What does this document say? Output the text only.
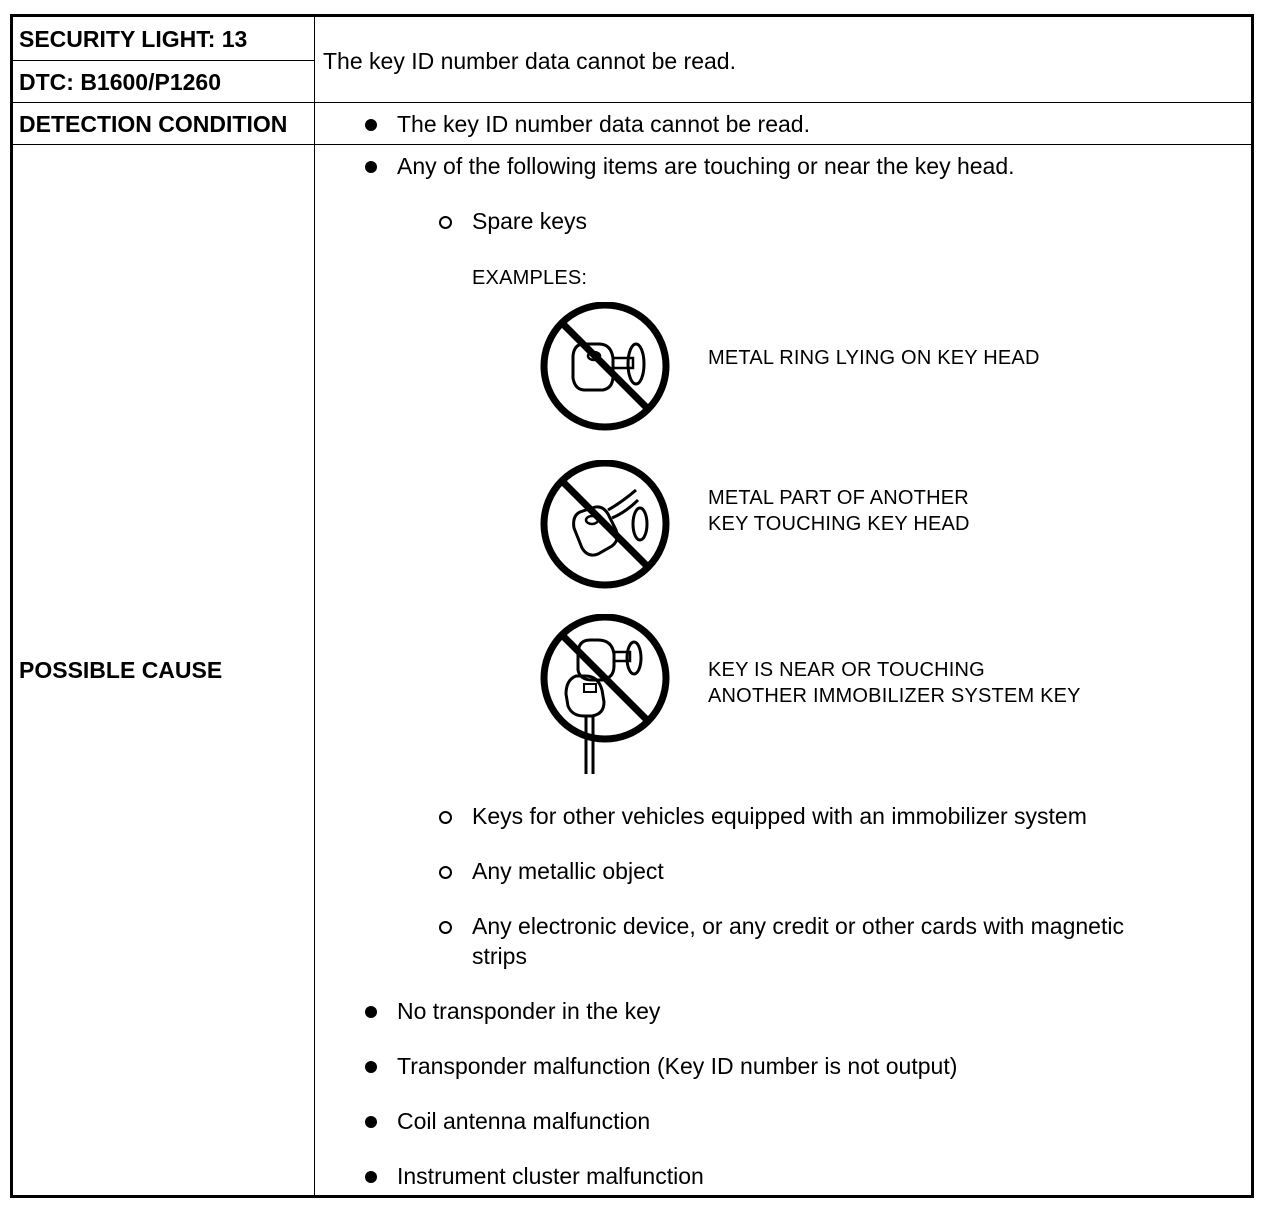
SECURITY LIGHT: 13
DTC: B1600/P1260
The key ID number data cannot be read.
DETECTION CONDITION	The key ID number data cannot be read.
POSSIBLE CAUSE
Any of the following items are touching or near the key head.
Spare keys
EXAMPLES:
METAL RING LYING ON KEY HEAD
METAL PART OF ANOTHER
KEY TOUCHING KEY HEAD
KEY IS NEAR OR TOUCHING
ANOTHER IMMOBILIZER SYSTEM KEY
Keys for other vehicles equipped with an immobilizer system
Any metallic object
Any electronic device, or any credit or other cards with magnetic
strips
No transponder in the key
Transponder malfunction (Key ID number is not output)
Coil antenna malfunction
Instrument cluster malfunction
